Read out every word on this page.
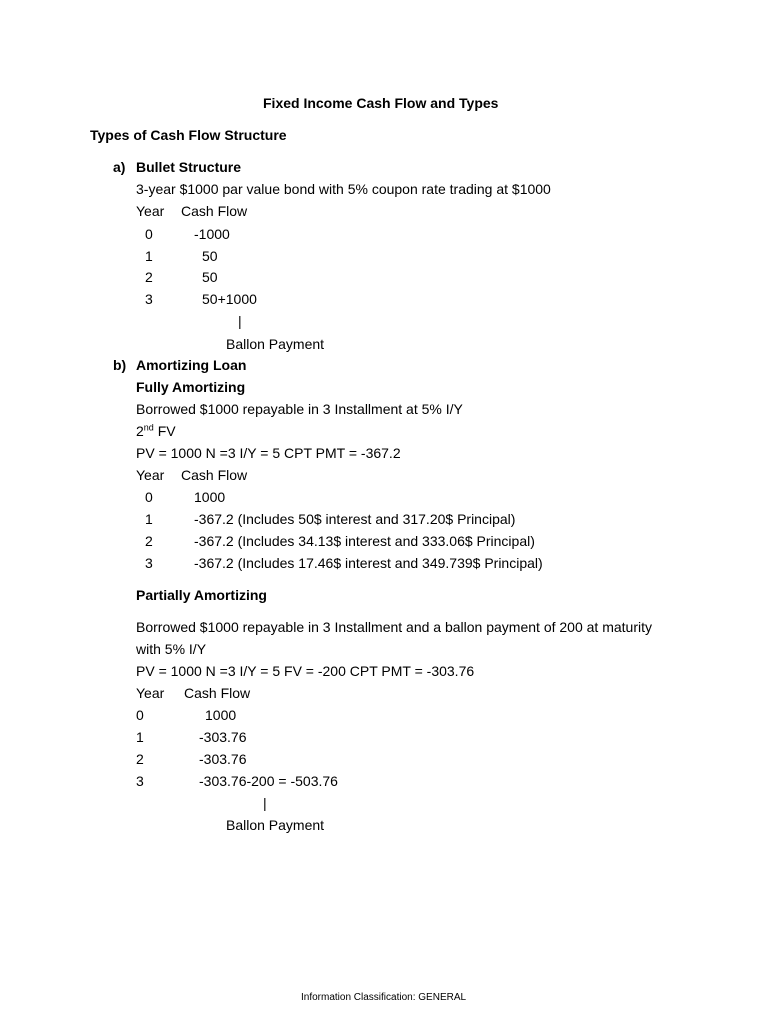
Fixed Income Cash Flow and Types
Types of Cash Flow Structure
a) Bullet Structure
3-year $1000 par value bond with 5% coupon rate trading at $1000
Year Cash Flow
0	-1000
1	50
2	50
3	50+1000
|
Ballon Payment
b) Amortizing Loan
Fully Amortizing
Borrowed $1000 repayable in 3 Installment at 5% I/Y
2nd FV
PV = 1000 N =3 I/Y = 5 CPT PMT = -367.2
Year Cash Flow
0	1000
1	-367.2 (Includes 50$ interest and 317.20$ Principal)
2	-367.2 (Includes 34.13$ interest and 333.06$ Principal)
3	-367.2 (Includes 17.46$ interest and 349.739$ Principal)
Partially Amortizing
Borrowed $1000 repayable in 3 Installment and a ballon payment of 200 at maturity
with 5% I/Y
PV = 1000 N =3 I/Y = 5 FV = -200 CPT PMT = -303.76
Year Cash Flow
0	1000
1	-303.76
2	-303.76
3	-303.76-200 = -503.76
|
Ballon Payment
Information Classification: GENERAL
